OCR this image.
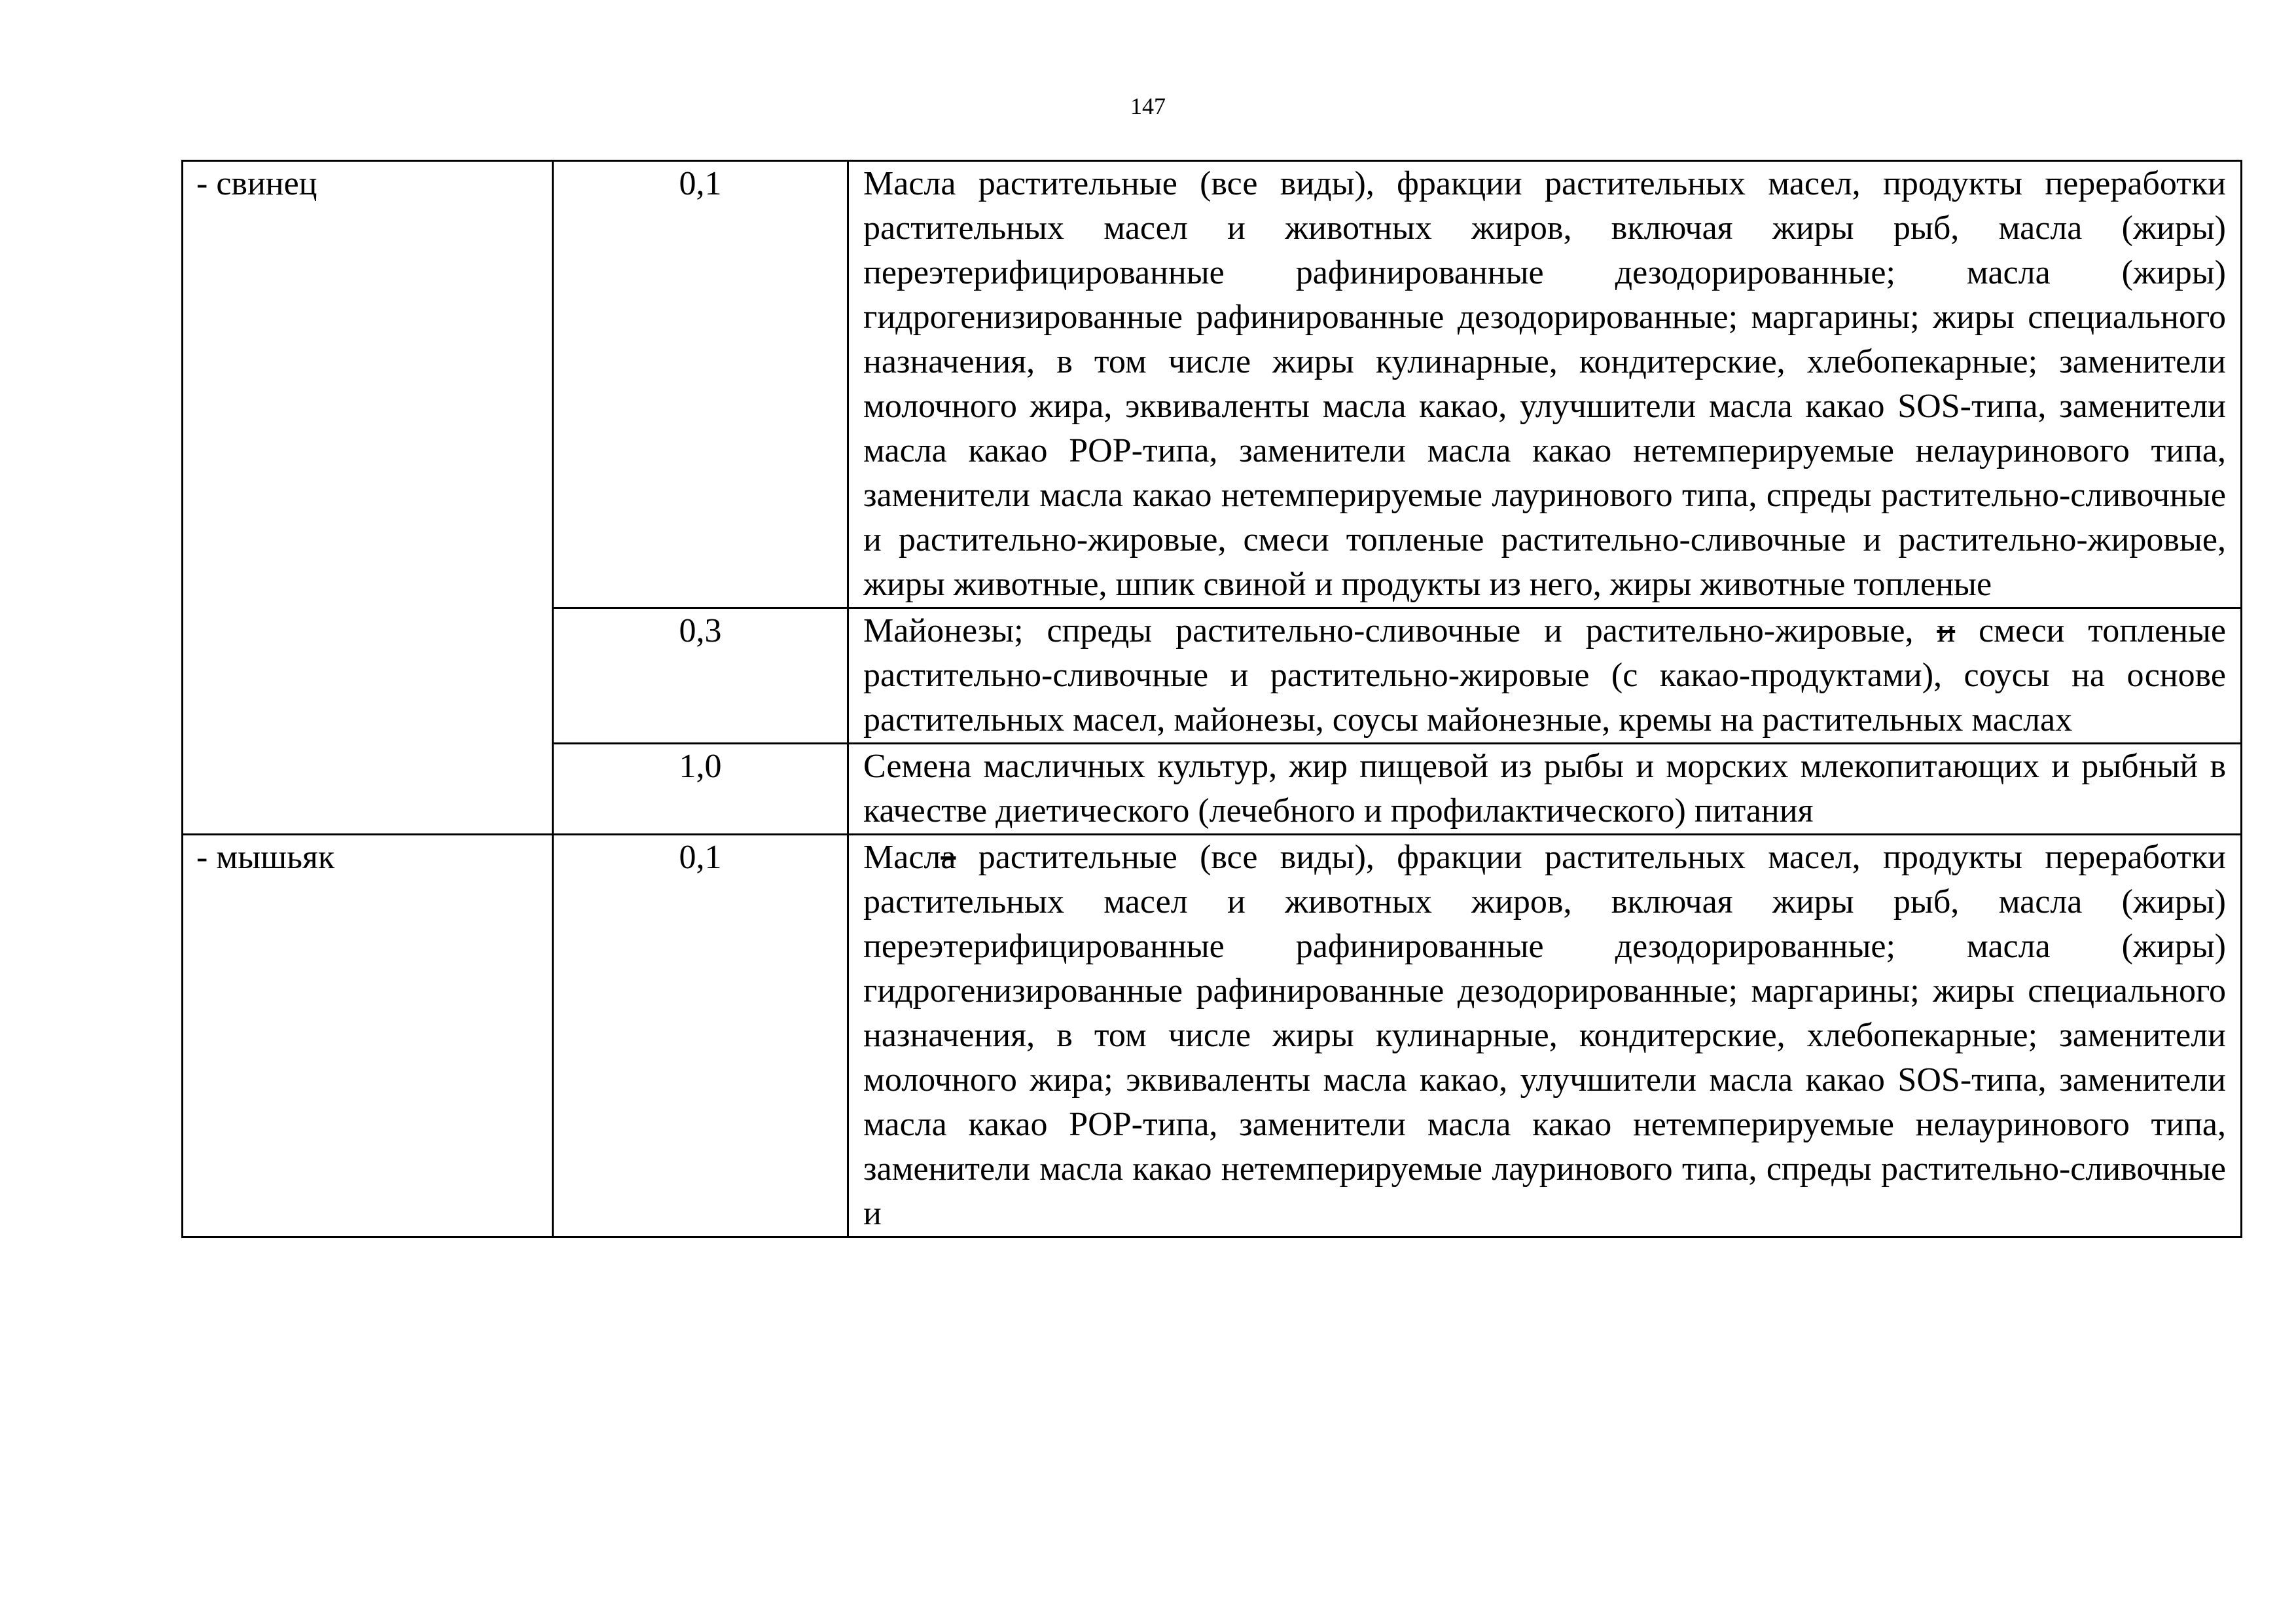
147
- свинец	0,1	Масла растительные (все виды), фракции растительных масел, продукты переработки растительных масел и животных жиров, включая жиры рыб, масла (жиры) переэтерифицированные рафинированные дезодорированные; масла (жиры) гидрогенизированные рафинированные дезодорированные; маргарины; жиры специального назначения, в том числе жиры кулинарные, кондитерские, хлебопекарные; заменители молочного жира, эквиваленты масла какао, улучшители масла какао SOS-типа, заменители масла какао POP-типа, заменители масла какао нетемперируемые нелауринового типа, заменители масла какао нетемперируемые лауринового типа, спреды растительно-сливочные и растительно-жировые, смеси топленые растительно-сливочные и растительно-жировые, жиры животные, шпик свиной и продукты из него, жиры животные топленые
	0,3	Майонезы; спреды растительно-сливочные и растительно-жировые, и смеси топленые растительно-сливочные и растительно-жировые (с какао-продуктами), соусы на основе растительных масел, майонезы, соусы майонезные, кремы на растительных маслах
	1,0	Семена масличных культур, жир пищевой из рыбы и морских млекопитающих и рыбный в качестве диетического (лечебного и профилактического) питания
- мышьяк	0,1	Масла растительные (все виды), фракции растительных масел, продукты переработки растительных масел и животных жиров, включая жиры рыб, масла (жиры) переэтерифицированные рафинированные дезодорированные; масла (жиры) гидрогенизированные рафинированные дезодорированные; маргарины; жиры специального назначения, в том числе жиры кулинарные, кондитерские, хлебопекарные; заменители молочного жира; эквиваленты масла какао, улучшители масла какао SOS-типа, заменители масла какао POP-типа, заменители масла какао нетемперируемые нелауринового типа, заменители масла какао нетемперируемые лауринового типа, спреды растительно-сливочные и
